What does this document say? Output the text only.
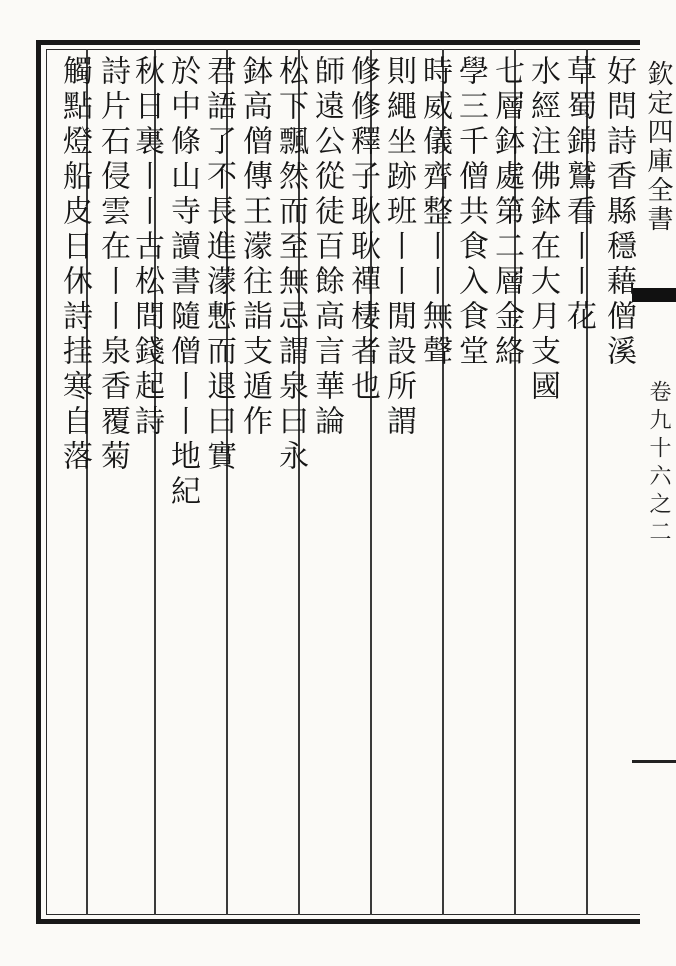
欽定四庫全書
卷九十六之二
好問詩香縣穩藉僧溪
草蜀錦鷲看丨丨花
水經注佛鉢在大月支國
七層鉢處第二層金絡
學三千僧共食入食堂
時威儀齊整丨丨無聲
則繩坐跡班丨丨閒設所謂
修修釋子耿耿禪棲者也
師遠公從徒百餘高言華論
松下飄然而至無忌謂泉曰永
鉢高僧傳王濛往詣支遁作
君語了不長進濛慙而退曰實
於中條山寺讀書隨僧丨丨地紀
秋日裏丨丨古松間錢起詩
詩片石侵雲在丨丨泉香覆菊
觸點燈船皮日休詩挂寒自落
